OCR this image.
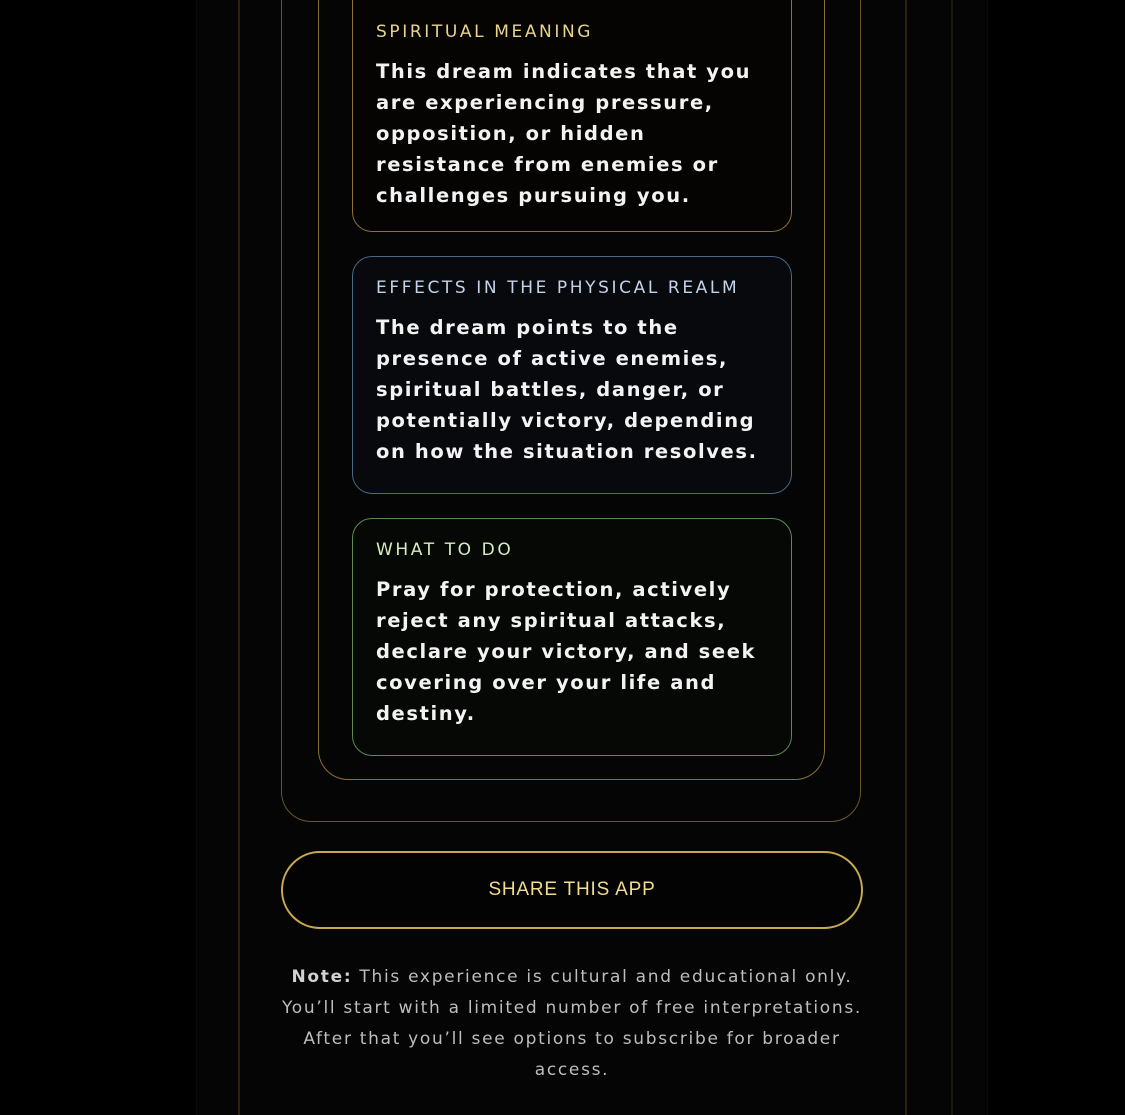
SPIRITUAL MEANING

This dream indicates that you are experiencing pressure, opposition, or hidden resistance from enemies or challenges pursuing you.

EFFECTS IN THE PHYSICAL REALM

The dream points to the presence of active enemies, spiritual battles, danger, or potentially victory, depending on how the situation resolves.

WHAT TO DO

Pray for protection, actively reject any spiritual attacks, declare your victory, and seek covering over your life and destiny.

SHARE THIS APP
Note: This experience is cultural and educational only. You’ll start with a limited number of free interpretations. After that you’ll see options to subscribe for broader access.
